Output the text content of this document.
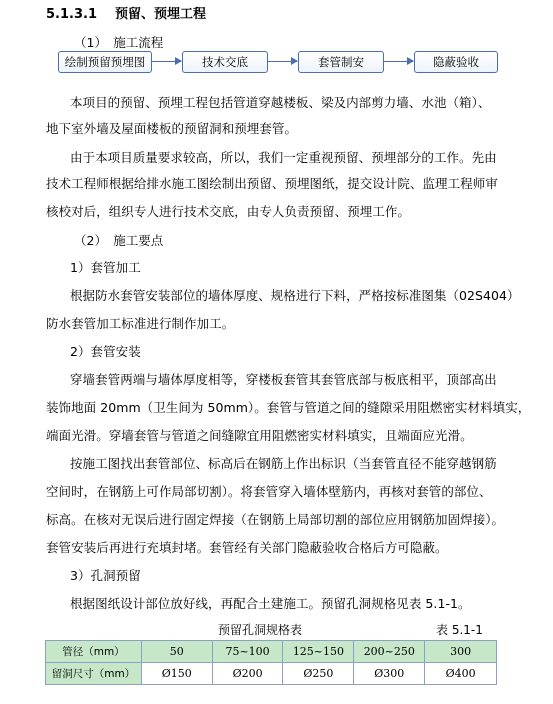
5.1.3.1 预留、预埋工程
（1）　施工流程
绘制预留预埋图	技术交底	套管制安	隐蔽验收
本项目的预留、预埋工程包括管道穿越楼板、梁及内部剪力墙、水池（箱）、
地下室外墙及屋面楼板的预留洞和预埋套管。
由于本项目质量要求较高，所以，我们一定重视预留、预埋部分的工作。先由
技术工程师根据给排水施工图绘制出预留、预埋图纸，提交设计院、监理工程师审
核校对后，组织专人进行技术交底，由专人负责预留、预埋工作。
（2）　施工要点
1）套管加工
根据防水套管安装部位的墙体厚度、规格进行下料，严格按标准图集（02S404）
防水套管加工标准进行制作加工。
2）套管安装
穿墙套管两端与墙体厚度相等，穿楼板套管其套管底部与板底相平，顶部高出
装饰地面 20mm（卫生间为 50mm）。套管与管道之间的缝隙采用阻燃密实材料填实，
端面光滑。穿墙套管与管道之间缝隙宜用阻燃密实材料填实，且端面应光滑。
按施工图找出套管部位、标高后在钢筋上作出标识（当套管直径不能穿越钢筋
空间时，在钢筋上可作局部切割）。将套管穿入墙体壁筋内，再核对套管的部位、
标高。在核对无误后进行固定焊接（在钢筋上局部切割的部位应用钢筋加固焊接）。
套管安装后再进行充填封堵。套管经有关部门隐蔽验收合格后方可隐蔽。
3）孔洞预留
根据图纸设计部位放好线，再配合土建施工。预留孔洞规格见表 5.1-1。
预留孔洞规格表	表 5.1-1
管径（mm）	50	75~100	125~150	200~250	300
留洞尺寸（mm）	Ø150	Ø200	Ø250	Ø300	Ø400
